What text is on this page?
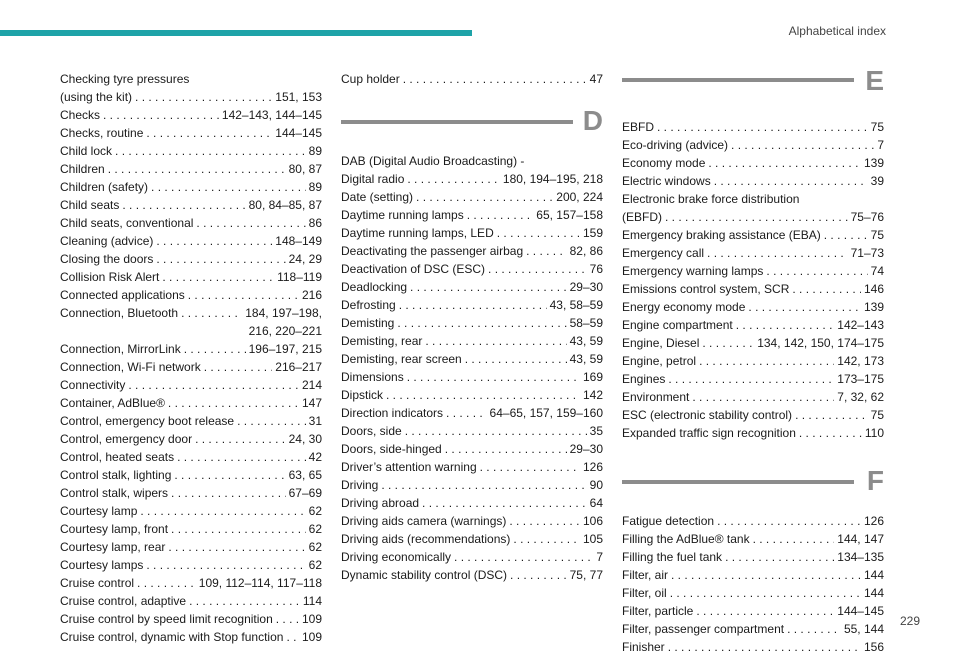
Alphabetical index
Checking tyre pressures
(using the kit) . . .	151, 153
Checks . . .	142–143, 144–145
Checks, routine . . .	144–145
Child lock . . .	89
Children . . .	80, 87
Children (safety) . . .	89
Child seats . . .	80, 84–85, 87
Child seats, conventional . . .	86
Cleaning (advice) . . .	148–149
Closing the doors . . .	24, 29
Collision Risk Alert . . .	118–119
Connected applications . . .	216
Connection, Bluetooth . . .	184, 197–198,
216, 220–221
Connection, MirrorLink . . .	196–197, 215
Connection, Wi-Fi network . . .	216–217
Connectivity . . .	214
Container, AdBlue® . . .	147
Control, emergency boot release . . .	31
Control, emergency door . . .	24, 30
Control, heated seats . . .	42
Control stalk, lighting . . .	63, 65
Control stalk, wipers . . .	67–69
Courtesy lamp . . .	62
Courtesy lamp, front . . .	62
Courtesy lamp, rear . . .	62
Courtesy lamps . . .	62
Cruise control . . .	109, 112–114, 117–118
Cruise control, adaptive . . .	114
Cruise control by speed limit recognition . . . 109
Cruise control, dynamic with Stop function . . . 109
Cup holder . . .	47
D
DAB (Digital Audio Broadcasting) -
Digital radio . . .	180, 194–195, 218
Date (setting) . . .	200, 224
Daytime running lamps . . .	65, 157–158
Daytime running lamps, LED . . .	159
Deactivating the passenger airbag . . .	82, 86
Deactivation of DSC (ESC) . . .	76
Deadlocking . . .	29–30
Defrosting . . .	43, 58–59
Demisting . . .	58–59
Demisting, rear . . .	43, 59
Demisting, rear screen . . .	43, 59
Dimensions . . .	169
Dipstick . . .	142
Direction indicators . . .	64–65, 157, 159–160
Doors, side . . .	35
Doors, side-hinged . . .	29–30
Driver’s attention warning . . .	126
Driving . . .	90
Driving abroad . . .	64
Driving aids camera (warnings) . . .	106
Driving aids (recommendations) . . .	105
Driving economically . . .	7
Dynamic stability control (DSC) . . .	75, 77
E
EBFD . . .	75
Eco-driving (advice) . . .	7
Economy mode . . .	139
Electric windows . . .	39
Electronic brake force distribution
(EBFD) . . .	75–76
Emergency braking assistance (EBA) . . .	75
Emergency call . . .	71–73
Emergency warning lamps . . .	74
Emissions control system, SCR . . .	146
Energy economy mode . . .	139
Engine compartment . . .	142–143
Engine, Diesel . . .	134, 142, 150, 174–175
Engine, petrol . . .	142, 173
Engines . . .	173–175
Environment . . .	7, 32, 62
ESC (electronic stability control) . . .	75
Expanded traffic sign recognition . . .	110
F
Fatigue detection . . .	126
Filling the AdBlue® tank . . .	144, 147
Filling the fuel tank . . .	134–135
Filter, air . . .	144
Filter, oil . . .	144
Filter, particle . . .	144–145
Filter, passenger compartment . . .	55, 144
Finisher . . .	156
229
